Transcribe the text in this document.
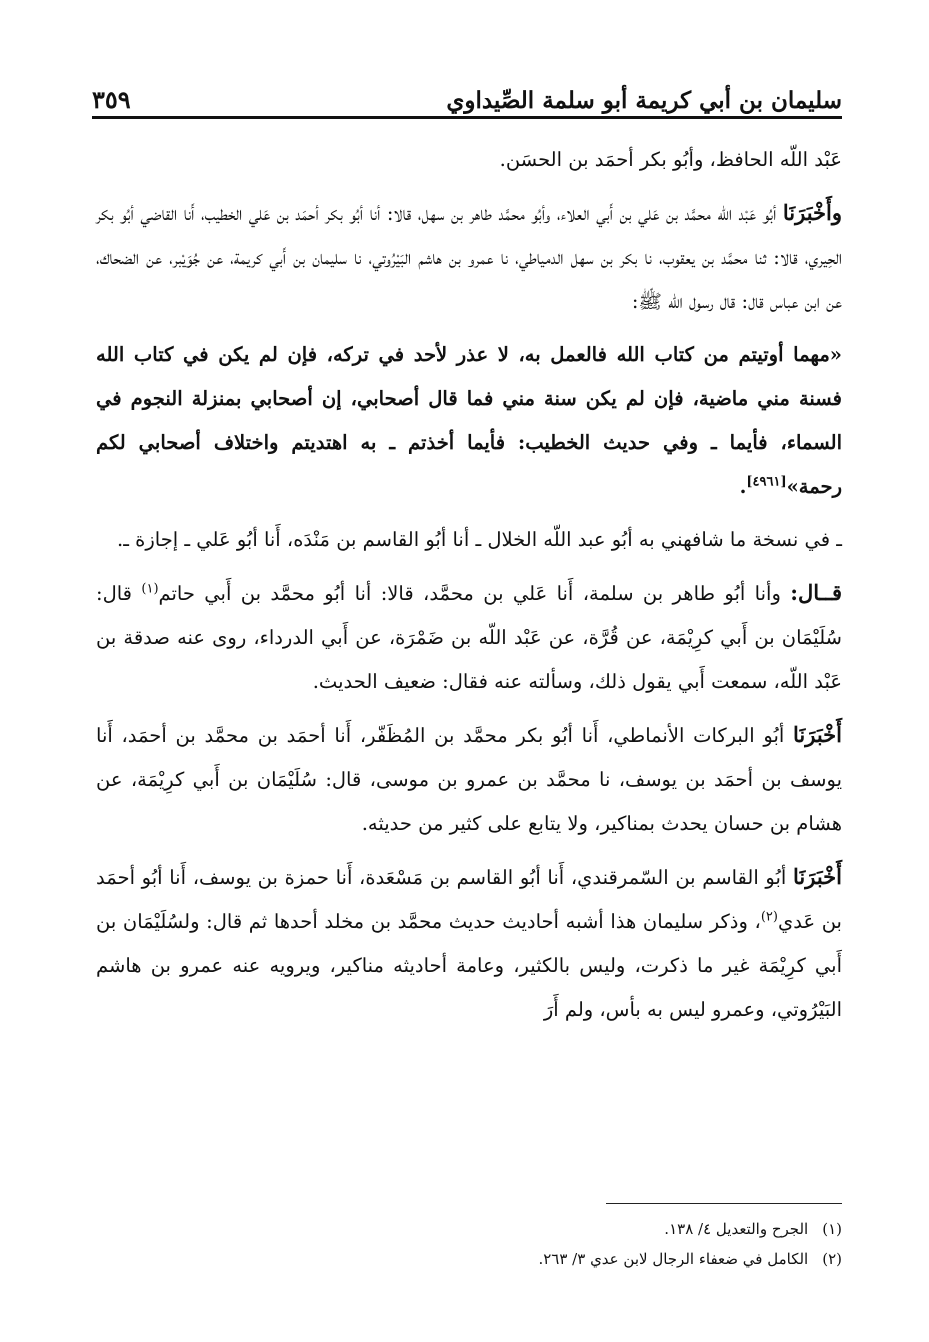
سليمان بن أبي كريمة أبو سلمة الصِّيداوي
٣٥٩

عَبْد اللّه الحافظ، وأبُو بكر أحمَد بن الحسَن.

وأَخْبَرَنَا أبُو عَبْد اللّه محمَّد بن عَلي بن أَبي العلاء، وأبُو محمَّد طاهر بن سهل، قالا: أنا أبُو بكر أحمَد بن عَلي الخطيب، أَنا القاضي أبُو بكر الحِيري، قالا: ثنا محمَّد بن يعقوب، نا بكر بن سهل الدمياطي، نا عمرو بن هاشم البَيْرُوتي، نا سليمان بن أَبي كريمة، عن جُوَيْبر، عن الضحاك، عن ابن عباس قال: قال رسول الله ﷺ:

«مهما أوتيتم من كتاب الله فالعمل به، لا عذر لأحد في تركه، فإن لم يكن في كتاب الله فسنة مني ماضية، فإن لم يكن سنة مني فما قال أصحابي، إن أصحابي بمنزلة النجوم في السماء، فأيما ـ وفي حديث الخطيب: فأيما أخذتم ـ به اهتديتم واختلاف أصحابي لكم رحمة»[٤٩٦١].

ـ في نسخة ما شافهني به أبُو عبد اللّه الخلال ـ أنا أبُو القاسم بن مَنْدَه، أَنا أبُو عَلي ـ إجازة ـ.

قــال: وأنا أبُو طاهر بن سلمة، أَنا عَلي بن محمَّد، قالا: أنا أبُو محمَّد بن أَبي حاتم$^{(١)}$ قال: سُلَيْمَان بن أَبي كرِيْمَة، عن قُرَّة، عن عَبْد اللّه بن ضَمْرَة، عن أَبي الدرداء، روى عنه صدقة بن عَبْد اللّه، سمعت أَبي يقول ذلك، وسألته عنه فقال: ضعيف الحديث.

أَخْبَرَنَا أبُو البركات الأنماطي، أَنا أبُو بكر محمَّد بن المُظَفّر، أَنا أحمَد بن محمَّد بن أحمَد، أَنا يوسف بن أحمَد بن يوسف، نا محمَّد بن عمرو بن موسى، قال: سُلَيْمَان بن أَبي كرِيْمَة، عن هشام بن حسان يحدث بمناكير، ولا يتابع على كثير من حديثه.

أَخْبَرَنَا أبُو القاسم بن السّمرقندي، أَنا أبُو القاسم بن مَسْعَدة، أَنا حمزة بن يوسف، أَنا أبُو أحمَد بن عَدي$^{(٢)}$، وذكر سليمان هذا أشبه أحاديث حديث محمَّد بن مخلد أحدها ثم قال: ولسُلَيْمَان بن أَبي كرِيْمَة غير ما ذكرت، وليس بالكثير، وعامة أحاديثه مناكير، ويرويه عنه عمرو بن هاشم البَيْرُوتي، وعمرو ليس به بأس، ولم أَرَ

(١)الجرح والتعديل ٤/ ١٣٨.
(٢)الكامل في ضعفاء الرجال لابن عدي ٣/ ٢٦٣.
